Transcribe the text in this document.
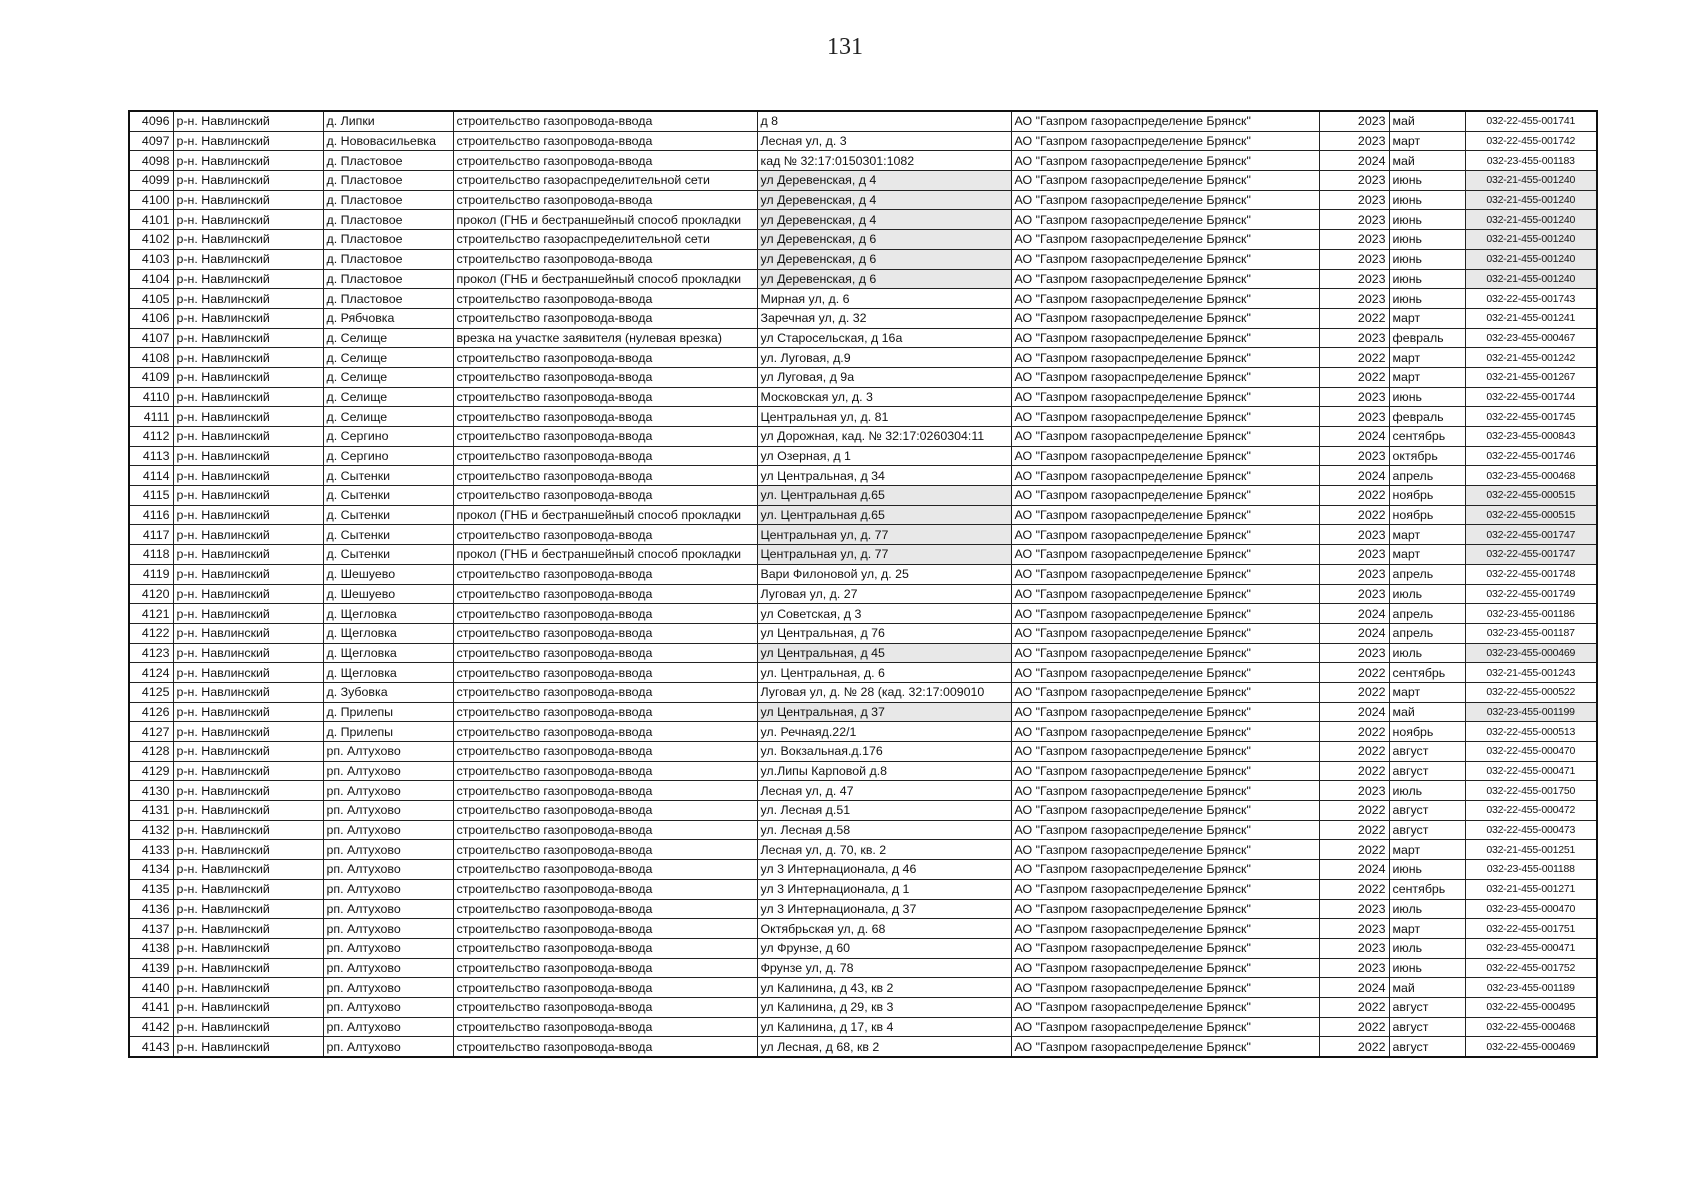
131
4096	р-н. Навлинский	д. Липки	строительство газопровода-ввода	д 8	АО "Газпром газораспределение Брянск"	2023	май	032-22-455-001741
4097	р-н. Навлинский	д. Нововасильевка	строительство газопровода-ввода	Лесная ул, д. 3	АО "Газпром газораспределение Брянск"	2023	март	032-22-455-001742
4098	р-н. Навлинский	д. Пластовое	строительство газопровода-ввода	кад № 32:17:0150301:1082	АО "Газпром газораспределение Брянск"	2024	май	032-23-455-001183
4099	р-н. Навлинский	д. Пластовое	строительство газораспределительной сети	ул Деревенская, д 4	АО "Газпром газораспределение Брянск"	2023	июнь	032-21-455-001240
4100	р-н. Навлинский	д. Пластовое	строительство газопровода-ввода	ул Деревенская, д 4	АО "Газпром газораспределение Брянск"	2023	июнь	032-21-455-001240
4101	р-н. Навлинский	д. Пластовое	прокол (ГНБ и бестраншейный способ прокладки	ул Деревенская, д 4	АО "Газпром газораспределение Брянск"	2023	июнь	032-21-455-001240
4102	р-н. Навлинский	д. Пластовое	строительство газораспределительной сети	ул Деревенская, д 6	АО "Газпром газораспределение Брянск"	2023	июнь	032-21-455-001240
4103	р-н. Навлинский	д. Пластовое	строительство газопровода-ввода	ул Деревенская, д 6	АО "Газпром газораспределение Брянск"	2023	июнь	032-21-455-001240
4104	р-н. Навлинский	д. Пластовое	прокол (ГНБ и бестраншейный способ прокладки	ул Деревенская, д 6	АО "Газпром газораспределение Брянск"	2023	июнь	032-21-455-001240
4105	р-н. Навлинский	д. Пластовое	строительство газопровода-ввода	Мирная ул, д. 6	АО "Газпром газораспределение Брянск"	2023	июнь	032-22-455-001743
4106	р-н. Навлинский	д. Рябчовка	строительство газопровода-ввода	Заречная ул, д. 32	АО "Газпром газораспределение Брянск"	2022	март	032-21-455-001241
4107	р-н. Навлинский	д. Селище	врезка на участке заявителя (нулевая врезка)	ул Старосельская, д 16а	АО "Газпром газораспределение Брянск"	2023	февраль	032-23-455-000467
4108	р-н. Навлинский	д. Селище	строительство газопровода-ввода	ул. Луговая, д.9	АО "Газпром газораспределение Брянск"	2022	март	032-21-455-001242
4109	р-н. Навлинский	д. Селище	строительство газопровода-ввода	ул Луговая, д 9а	АО "Газпром газораспределение Брянск"	2022	март	032-21-455-001267
4110	р-н. Навлинский	д. Селище	строительство газопровода-ввода	Московская ул, д. 3	АО "Газпром газораспределение Брянск"	2023	июнь	032-22-455-001744
4111	р-н. Навлинский	д. Селище	строительство газопровода-ввода	Центральная ул, д. 81	АО "Газпром газораспределение Брянск"	2023	февраль	032-22-455-001745
4112	р-н. Навлинский	д. Сергино	строительство газопровода-ввода	ул Дорожная, кад. № 32:17:0260304:11	АО "Газпром газораспределение Брянск"	2024	сентябрь	032-23-455-000843
4113	р-н. Навлинский	д. Сергино	строительство газопровода-ввода	ул Озерная, д 1	АО "Газпром газораспределение Брянск"	2023	октябрь	032-22-455-001746
4114	р-н. Навлинский	д. Сытенки	строительство газопровода-ввода	ул Центральная, д 34	АО "Газпром газораспределение Брянск"	2024	апрель	032-23-455-000468
4115	р-н. Навлинский	д. Сытенки	строительство газопровода-ввода	ул. Центральная д.65	АО "Газпром газораспределение Брянск"	2022	ноябрь	032-22-455-000515
4116	р-н. Навлинский	д. Сытенки	прокол (ГНБ и бестраншейный способ прокладки	ул. Центральная д.65	АО "Газпром газораспределение Брянск"	2022	ноябрь	032-22-455-000515
4117	р-н. Навлинский	д. Сытенки	строительство газопровода-ввода	Центральная ул, д. 77	АО "Газпром газораспределение Брянск"	2023	март	032-22-455-001747
4118	р-н. Навлинский	д. Сытенки	прокол (ГНБ и бестраншейный способ прокладки	Центральная ул, д. 77	АО "Газпром газораспределение Брянск"	2023	март	032-22-455-001747
4119	р-н. Навлинский	д. Шешуево	строительство газопровода-ввода	Вари Филоновой ул, д. 25	АО "Газпром газораспределение Брянск"	2023	апрель	032-22-455-001748
4120	р-н. Навлинский	д. Шешуево	строительство газопровода-ввода	Луговая ул, д. 27	АО "Газпром газораспределение Брянск"	2023	июль	032-22-455-001749
4121	р-н. Навлинский	д. Щегловка	строительство газопровода-ввода	ул Советская, д 3	АО "Газпром газораспределение Брянск"	2024	апрель	032-23-455-001186
4122	р-н. Навлинский	д. Щегловка	строительство газопровода-ввода	ул Центральная, д 76	АО "Газпром газораспределение Брянск"	2024	апрель	032-23-455-001187
4123	р-н. Навлинский	д. Щегловка	строительство газопровода-ввода	ул Центральная, д 45	АО "Газпром газораспределение Брянск"	2023	июль	032-23-455-000469
4124	р-н. Навлинский	д. Щегловка	строительство газопровода-ввода	ул. Центральная, д. 6	АО "Газпром газораспределение Брянск"	2022	сентябрь	032-21-455-001243
4125	р-н. Навлинский	д. Зубовка	строительство газопровода-ввода	Луговая ул, д. № 28 (кад. 32:17:009010	АО "Газпром газораспределение Брянск"	2022	март	032-22-455-000522
4126	р-н. Навлинский	д. Прилепы	строительство газопровода-ввода	ул Центральная, д 37	АО "Газпром газораспределение Брянск"	2024	май	032-23-455-001199
4127	р-н. Навлинский	д. Прилепы	строительство газопровода-ввода	ул. Речнаяд.22/1	АО "Газпром газораспределение Брянск"	2022	ноябрь	032-22-455-000513
4128	р-н. Навлинский	рп. Алтухово	строительство газопровода-ввода	ул. Вокзальная.д.176	АО "Газпром газораспределение Брянск"	2022	август	032-22-455-000470
4129	р-н. Навлинский	рп. Алтухово	строительство газопровода-ввода	ул.Липы Карповой д.8	АО "Газпром газораспределение Брянск"	2022	август	032-22-455-000471
4130	р-н. Навлинский	рп. Алтухово	строительство газопровода-ввода	Лесная ул, д. 47	АО "Газпром газораспределение Брянск"	2023	июль	032-22-455-001750
4131	р-н. Навлинский	рп. Алтухово	строительство газопровода-ввода	ул. Лесная д.51	АО "Газпром газораспределение Брянск"	2022	август	032-22-455-000472
4132	р-н. Навлинский	рп. Алтухово	строительство газопровода-ввода	ул. Лесная д.58	АО "Газпром газораспределение Брянск"	2022	август	032-22-455-000473
4133	р-н. Навлинский	рп. Алтухово	строительство газопровода-ввода	Лесная ул, д. 70, кв. 2	АО "Газпром газораспределение Брянск"	2022	март	032-21-455-001251
4134	р-н. Навлинский	рп. Алтухово	строительство газопровода-ввода	ул 3 Интернационала, д 46	АО "Газпром газораспределение Брянск"	2024	июнь	032-23-455-001188
4135	р-н. Навлинский	рп. Алтухово	строительство газопровода-ввода	ул 3 Интернационала, д 1	АО "Газпром газораспределение Брянск"	2022	сентябрь	032-21-455-001271
4136	р-н. Навлинский	рп. Алтухово	строительство газопровода-ввода	ул 3 Интернационала, д 37	АО "Газпром газораспределение Брянск"	2023	июль	032-23-455-000470
4137	р-н. Навлинский	рп. Алтухово	строительство газопровода-ввода	Октябрьская ул, д. 68	АО "Газпром газораспределение Брянск"	2023	март	032-22-455-001751
4138	р-н. Навлинский	рп. Алтухово	строительство газопровода-ввода	ул Фрунзе, д 60	АО "Газпром газораспределение Брянск"	2023	июль	032-23-455-000471
4139	р-н. Навлинский	рп. Алтухово	строительство газопровода-ввода	Фрунзе ул, д. 78	АО "Газпром газораспределение Брянск"	2023	июнь	032-22-455-001752
4140	р-н. Навлинский	рп. Алтухово	строительство газопровода-ввода	ул Калинина, д 43, кв 2	АО "Газпром газораспределение Брянск"	2024	май	032-23-455-001189
4141	р-н. Навлинский	рп. Алтухово	строительство газопровода-ввода	ул Калинина, д 29, кв 3	АО "Газпром газораспределение Брянск"	2022	август	032-22-455-000495
4142	р-н. Навлинский	рп. Алтухово	строительство газопровода-ввода	ул Калинина, д 17, кв 4	АО "Газпром газораспределение Брянск"	2022	август	032-22-455-000468
4143	р-н. Навлинский	рп. Алтухово	строительство газопровода-ввода	ул Лесная, д 68, кв 2	АО "Газпром газораспределение Брянск"	2022	август	032-22-455-000469
